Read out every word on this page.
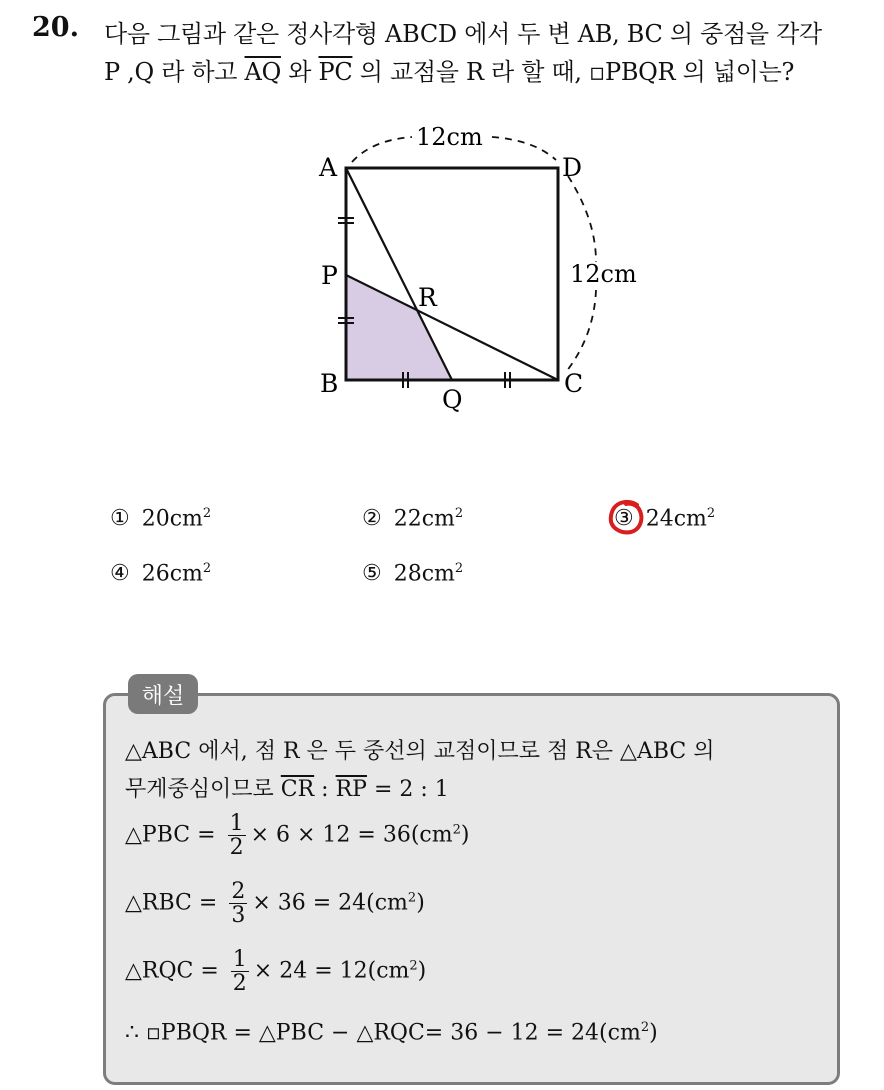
20. 다음 그림과 같은 정사각형 ABCD 에서 두 변 AB, BC 의 중점을 각각
P ,Q 라 하고 $\overline{AQ}$ 와 $\overline{PC}$ 의 교점을 R 라 할 때, ▫PBQR 의 넓이는?
A	D
P
R
B
Q
C
12cm
12cm
① $20cm^2$	② $22cm^2$	③ $24cm^2$
④ $26cm^2$	⑤ $28cm^2$
해설
△ABC 에서, 점 R 은 두 중선의 교점이므로 점 R은 △ABC 의
무게중심이므로 $\overline{CR}$ : $\overline{RP} = 2$ : 1
△PBC = $\frac{1}{2} \times 6 \times 12 = 36(cm^2)$
△RBC = $\frac{2}{3} \times 36 = 24(cm^2)$
△RQC = $\frac{1}{2} \times 24 = 12(cm^2)$
∴ ▫PBQR = △PBC − △RQC= $36 - 12 = 24(cm^2)$
